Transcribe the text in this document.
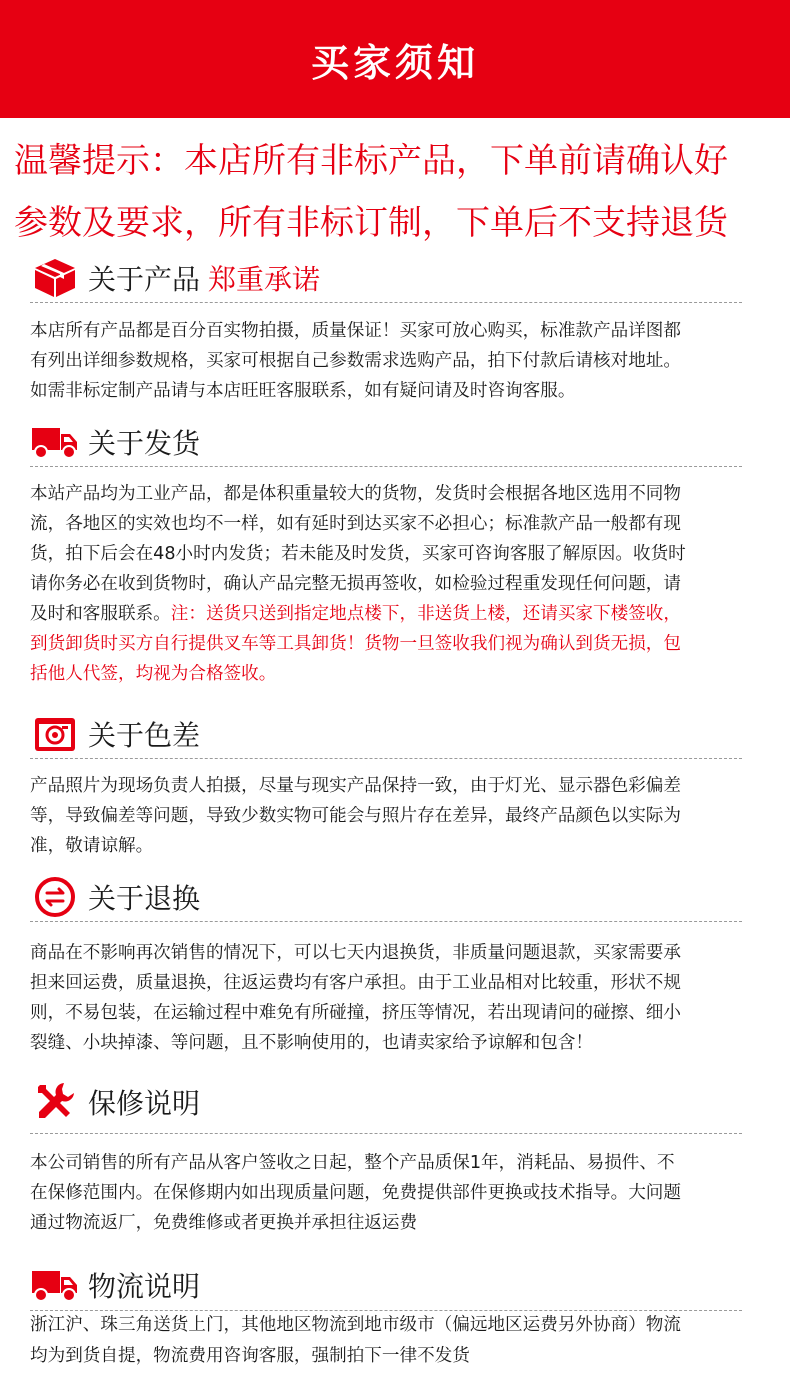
买家须知
温馨提示：本店所有非标产品，下单前请确认好
参数及要求，所有非标订制，下单后不支持退货
关于产品 郑重承诺

本店所有产品都是百分百实物拍摄，质量保证！买家可放心购买，标准款产品详图都

有列出详细参数规格，买家可根据自己参数需求选购产品，拍下付款后请核对地址。

如需非标定制产品请与本店旺旺客服联系，如有疑问请及时咨询客服。

关于发货

本站产品均为工业产品，都是体积重量较大的货物，发货时会根据各地区选用不同物

流，各地区的实效也均不一样，如有延时到达买家不必担心；标准款产品一般都有现

货，拍下后会在48小时内发货；若未能及时发货，买家可咨询客服了解原因。收货时

请你务必在收到货物时，确认产品完整无损再签收，如检验过程重发现任何问题，请

及时和客服联系。注：送货只送到指定地点楼下，非送货上楼，还请买家下楼签收，

到货卸货时买方自行提供叉车等工具卸货！货物一旦签收我们视为确认到货无损，包

括他人代签，均视为合格签收。

关于色差

产品照片为现场负责人拍摄，尽量与现实产品保持一致，由于灯光、显示器色彩偏差

等，导致偏差等问题，导致少数实物可能会与照片存在差异，最终产品颜色以实际为

准，敬请谅解。

关于退换

商品在不影响再次销售的情况下，可以七天内退换货，非质量问题退款，买家需要承

担来回运费，质量退换，往返运费均有客户承担。由于工业品相对比较重，形状不规

则，不易包装，在运输过程中难免有所碰撞，挤压等情况，若出现请问的碰擦、细小

裂缝、小块掉漆、等问题，且不影响使用的，也请卖家给予谅解和包含！

保修说明

本公司销售的所有产品从客户签收之日起，整个产品质保1年，消耗品、易损件、不

在保修范围内。在保修期内如出现质量问题，免费提供部件更换或技术指导。大问题

通过物流返厂，免费维修或者更换并承担往返运费

物流说明

浙江沪、珠三角送货上门，其他地区物流到地市级市（偏远地区运费另外协商）物流

均为到货自提，物流费用咨询客服，强制拍下一律不发货
